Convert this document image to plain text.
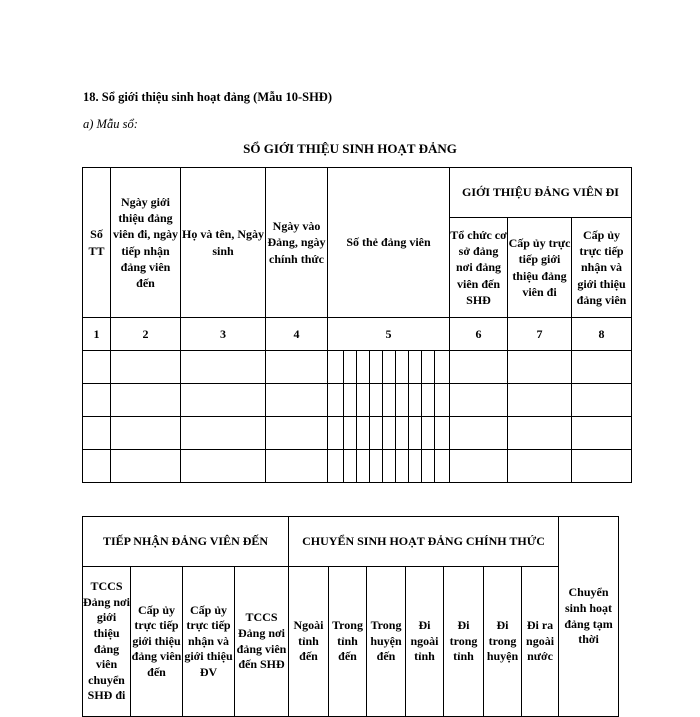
18. Sổ giới thiệu sinh hoạt đảng (Mẫu 10-SHĐ)
a) Mẫu sổ:
SỔ GIỚI THIỆU SINH HOẠT ĐẢNG
Số TT	Ngày giới thiệu đảng viên đi, ngày tiếp nhận đảng viên đến	Họ và tên, Ngày sinh	Ngày vào Đảng, ngày chính thức	Số thẻ đảng viên									GIỚI THIỆU ĐẢNG VIÊN ĐI		

													Tổ chức cơ sở đảng nơi đảng viên đến SHĐ	Cấp ủy trực tiếp giới thiệu đảng viên đi	Cấp ủy trực tiếp nhận và giới thiệu đảng viên

1	2	3	4	5									6	7	8

TIẾP NHẬN ĐẢNG VIÊN ĐẾN				CHUYỂN SINH HOẠT ĐẢNG CHÍNH THỨC							Chuyển sinh hoạt đảng tạm thời

TCCS Đảng nơi giới thiệu đảng viên chuyển SHĐ đi	Cấp ủy trực tiếp giới thiệu đảng viên đến	Cấp ủy trực tiếp nhận và giới thiệu ĐV	TCCS Đảng nơi đảng viên đến SHĐ	Ngoài tỉnh đến	Trong tỉnh đến	Trong huyện đến	Đi ngoài tỉnh	Đi trong tỉnh	Đi trong huyện	Đi ra ngoài nước	
